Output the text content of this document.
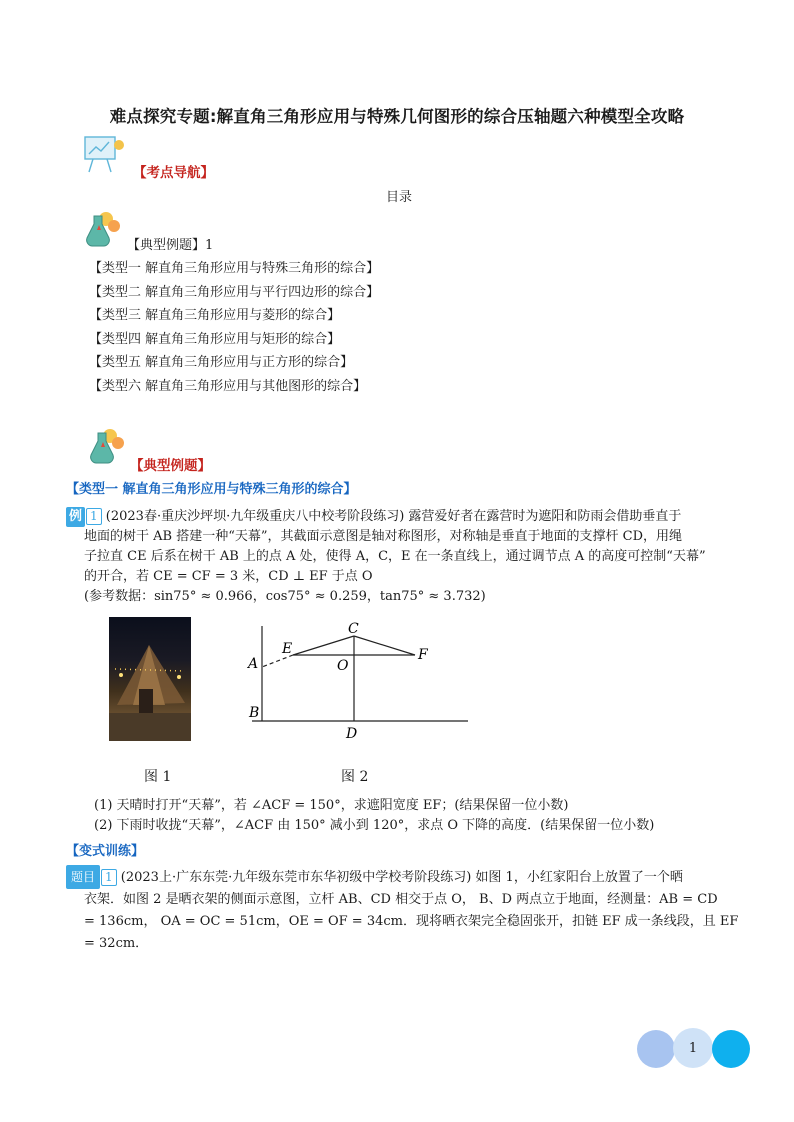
难点探究专题:解直角三角形应用与特殊几何图形的综合压轴题六种模型全攻略
【考点导航】
目录
【典型例题】1
【类型一 解直角三角形应用与特殊三角形的综合】
【类型二 解直角三角形应用与平行四边形的综合】
【类型三 解直角三角形应用与菱形的综合】
【类型四 解直角三角形应用与矩形的综合】
【类型五 解直角三角形应用与正方形的综合】
【类型六 解直角三角形应用与其他图形的综合】
【典型例题】
【类型一 解直角三角形应用与特殊三角形的综合】
例 1 (2023春·重庆沙坪坝·九年级重庆八中校考阶段练习) 露营爱好者在露营时为遮阳和防雨会借助垂直于
地面的树干 AB 搭建一种“天幕”，其截面示意图是轴对称图形，对称轴是垂直于地面的支撑杆 CD，用绳
子拉直 CE 后系在树干 AB 上的点 A 处，使得 A，C，E 在一条直线上，通过调节点 A 的高度可控制“天幕”
的开合，若 CE = CF = 3 米，CD ⊥ EF 于点 O
(参考数据：sin75° ≈ 0.966，cos75° ≈ 0.259，tan75° ≈ 3.732)
C
E	F
A	O
B
D
图 1	图 2
(1) 天晴时打开“天幕”，若 ∠ACF = 150°，求遮阳宽度 EF；(结果保留一位小数)
(2) 下雨时收拢“天幕”，∠ACF 由 150° 减小到 120°，求点 O 下降的高度．(结果保留一位小数)
【变式训练】
题目 1 (2023上·广东东莞·九年级东莞市东华初级中学校考阶段练习) 如图 1，小红家阳台上放置了一个晒
衣架．如图 2 是晒衣架的侧面示意图，立杆 AB、CD 相交于点 O， B、D 两点立于地面，经测量：AB = CD
= 136cm， OA = OC = 51cm，OE = OF = 34cm．现将晒衣架完全稳固张开，扣链 EF 成一条线段，且 EF
= 32cm．
1
